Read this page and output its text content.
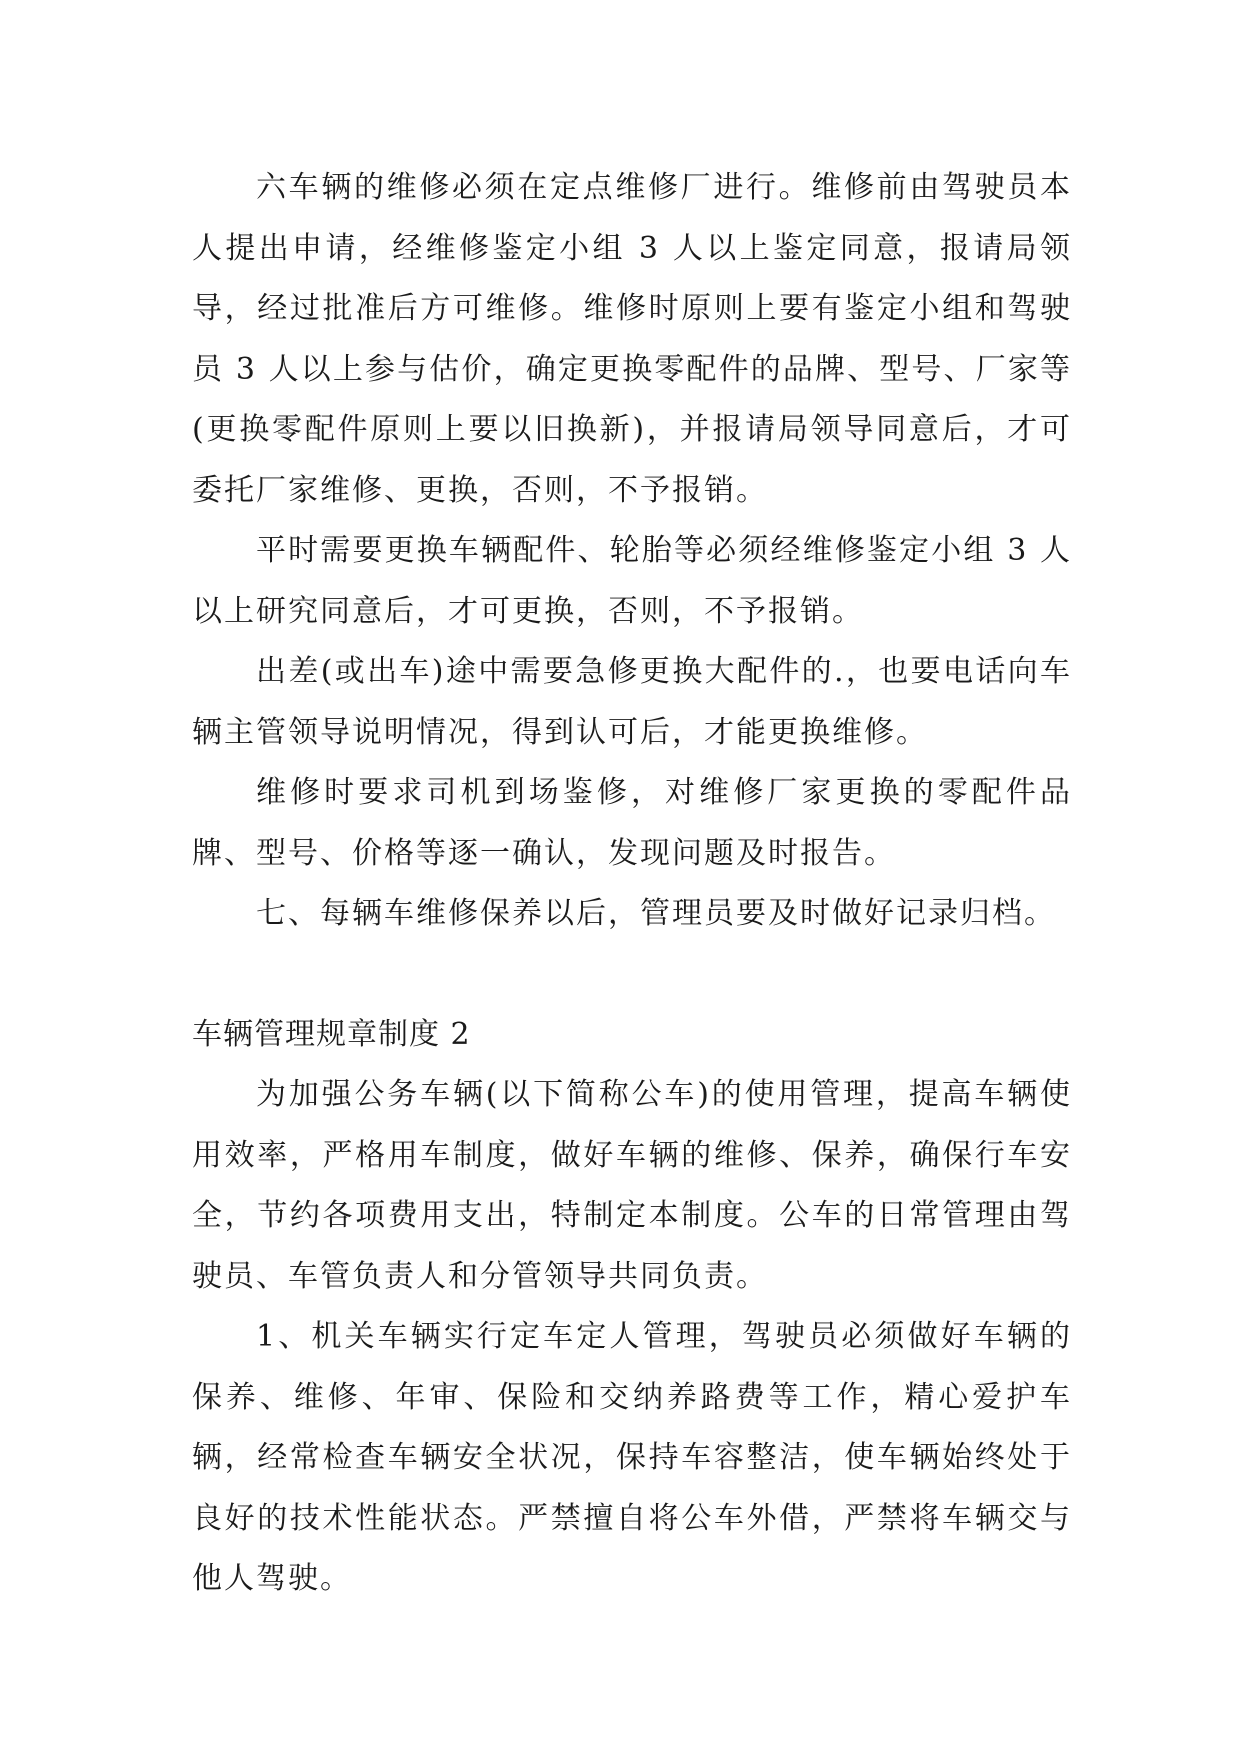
六车辆的维修必须在定点维修厂进行。维修前由驾驶员本人提出申请，经维修鉴定小组 3 人以上鉴定同意，报请局领导，经过批准后方可维修。维修时原则上要有鉴定小组和驾驶员 3 人以上参与估价，确定更换零配件的品牌、型号、厂家等(更换零配件原则上要以旧换新)，并报请局领导同意后，才可委托厂家维修、更换，否则，不予报销。

平时需要更换车辆配件、轮胎等必须经维修鉴定小组 3 人以上研究同意后，才可更换，否则，不予报销。

出差(或出车)途中需要急修更换大配件的.，也要电话向车辆主管领导说明情况，得到认可后，才能更换维修。

维修时要求司机到场鉴修，对维修厂家更换的零配件品牌、型号、价格等逐一确认，发现问题及时报告。

七、每辆车维修保养以后，管理员要及时做好记录归档。

车辆管理规章制度 2

为加强公务车辆(以下简称公车)的使用管理，提高车辆使用效率，严格用车制度，做好车辆的维修、保养，确保行车安全，节约各项费用支出，特制定本制度。公车的日常管理由驾驶员、车管负责人和分管领导共同负责。

1、机关车辆实行定车定人管理，驾驶员必须做好车辆的保养、维修、年审、保险和交纳养路费等工作，精心爱护车辆，经常检查车辆安全状况，保持车容整洁，使车辆始终处于良好的技术性能状态。严禁擅自将公车外借，严禁将车辆交与他人驾驶。
